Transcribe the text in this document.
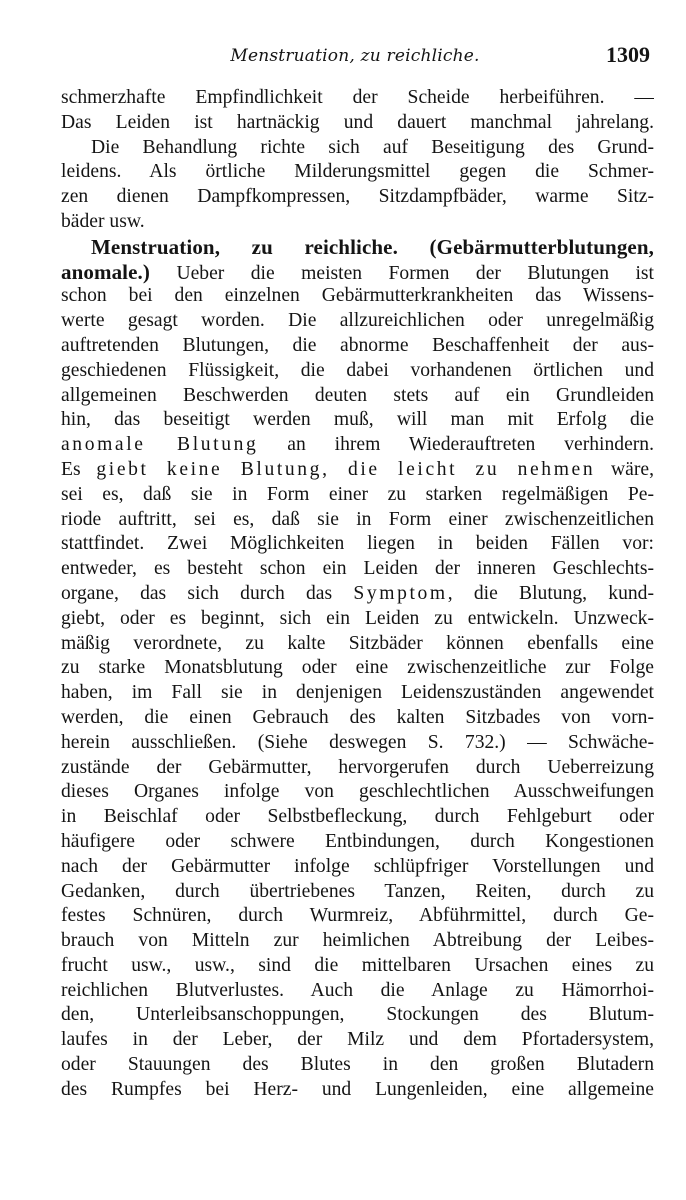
Menstruation, zu reichliche.	1309
schmerzhafte Empfindlichkeit der Scheide herbeiführen. —
Das Leiden ist hartnäckig und dauert manchmal jahrelang.
Die Behandlung richte sich auf Beseitigung des Grund-
leidens. Als örtliche Milderungsmittel gegen die Schmer-
zen dienen Dampfkompressen, Sitzdampfbäder, warme Sitz-
bäder usw.
Menstruation, zu reichliche. (Gebärmutterblutungen,
anomale.) Ueber die meisten Formen der Blutungen ist
schon bei den einzelnen Gebärmutterkrankheiten das Wissens-
werte gesagt worden. Die allzureichlichen oder unregelmäßig
auftretenden Blutungen, die abnorme Beschaffenheit der aus-
geschiedenen Flüssigkeit, die dabei vorhandenen örtlichen und
allgemeinen Beschwerden deuten stets auf ein Grundleiden
hin, das beseitigt werden muß, will man mit Erfolg die
anomale Blutung an ihrem Wiederauftreten verhindern.
Es giebt keine Blutung, die leicht zu nehmen wäre,
sei es, daß sie in Form einer zu starken regelmäßigen Pe-
riode auftritt, sei es, daß sie in Form einer zwischenzeitlichen
stattfindet. Zwei Möglichkeiten liegen in beiden Fällen vor:
entweder, es besteht schon ein Leiden der inneren Geschlechts-
organe, das sich durch das Symptom, die Blutung, kund-
giebt, oder es beginnt, sich ein Leiden zu entwickeln. Unzweck-
mäßig verordnete, zu kalte Sitzbäder können ebenfalls eine
zu starke Monatsblutung oder eine zwischenzeitliche zur Folge
haben, im Fall sie in denjenigen Leidenszuständen angewendet
werden, die einen Gebrauch des kalten Sitzbades von vorn-
herein ausschließen. (Siehe deswegen S. 732.) — Schwäche-
zustände der Gebärmutter, hervorgerufen durch Ueberreizung
dieses Organes infolge von geschlechtlichen Ausschweifungen
in Beischlaf oder Selbstbefleckung, durch Fehlgeburt oder
häufigere oder schwere Entbindungen, durch Kongestionen
nach der Gebärmutter infolge schlüpfriger Vorstellungen und
Gedanken, durch übertriebenes Tanzen, Reiten, durch zu
festes Schnüren, durch Wurmreiz, Abführmittel, durch Ge-
brauch von Mitteln zur heimlichen Abtreibung der Leibes-
frucht usw., usw., sind die mittelbaren Ursachen eines zu
reichlichen Blutverlustes. Auch die Anlage zu Hämorrhoi-
den, Unterleibsanschoppungen, Stockungen des Blutum-
laufes in der Leber, der Milz und dem Pfortadersystem,
oder Stauungen des Blutes in den großen Blutadern
des Rumpfes bei Herz- und Lungenleiden, eine allgemeine
